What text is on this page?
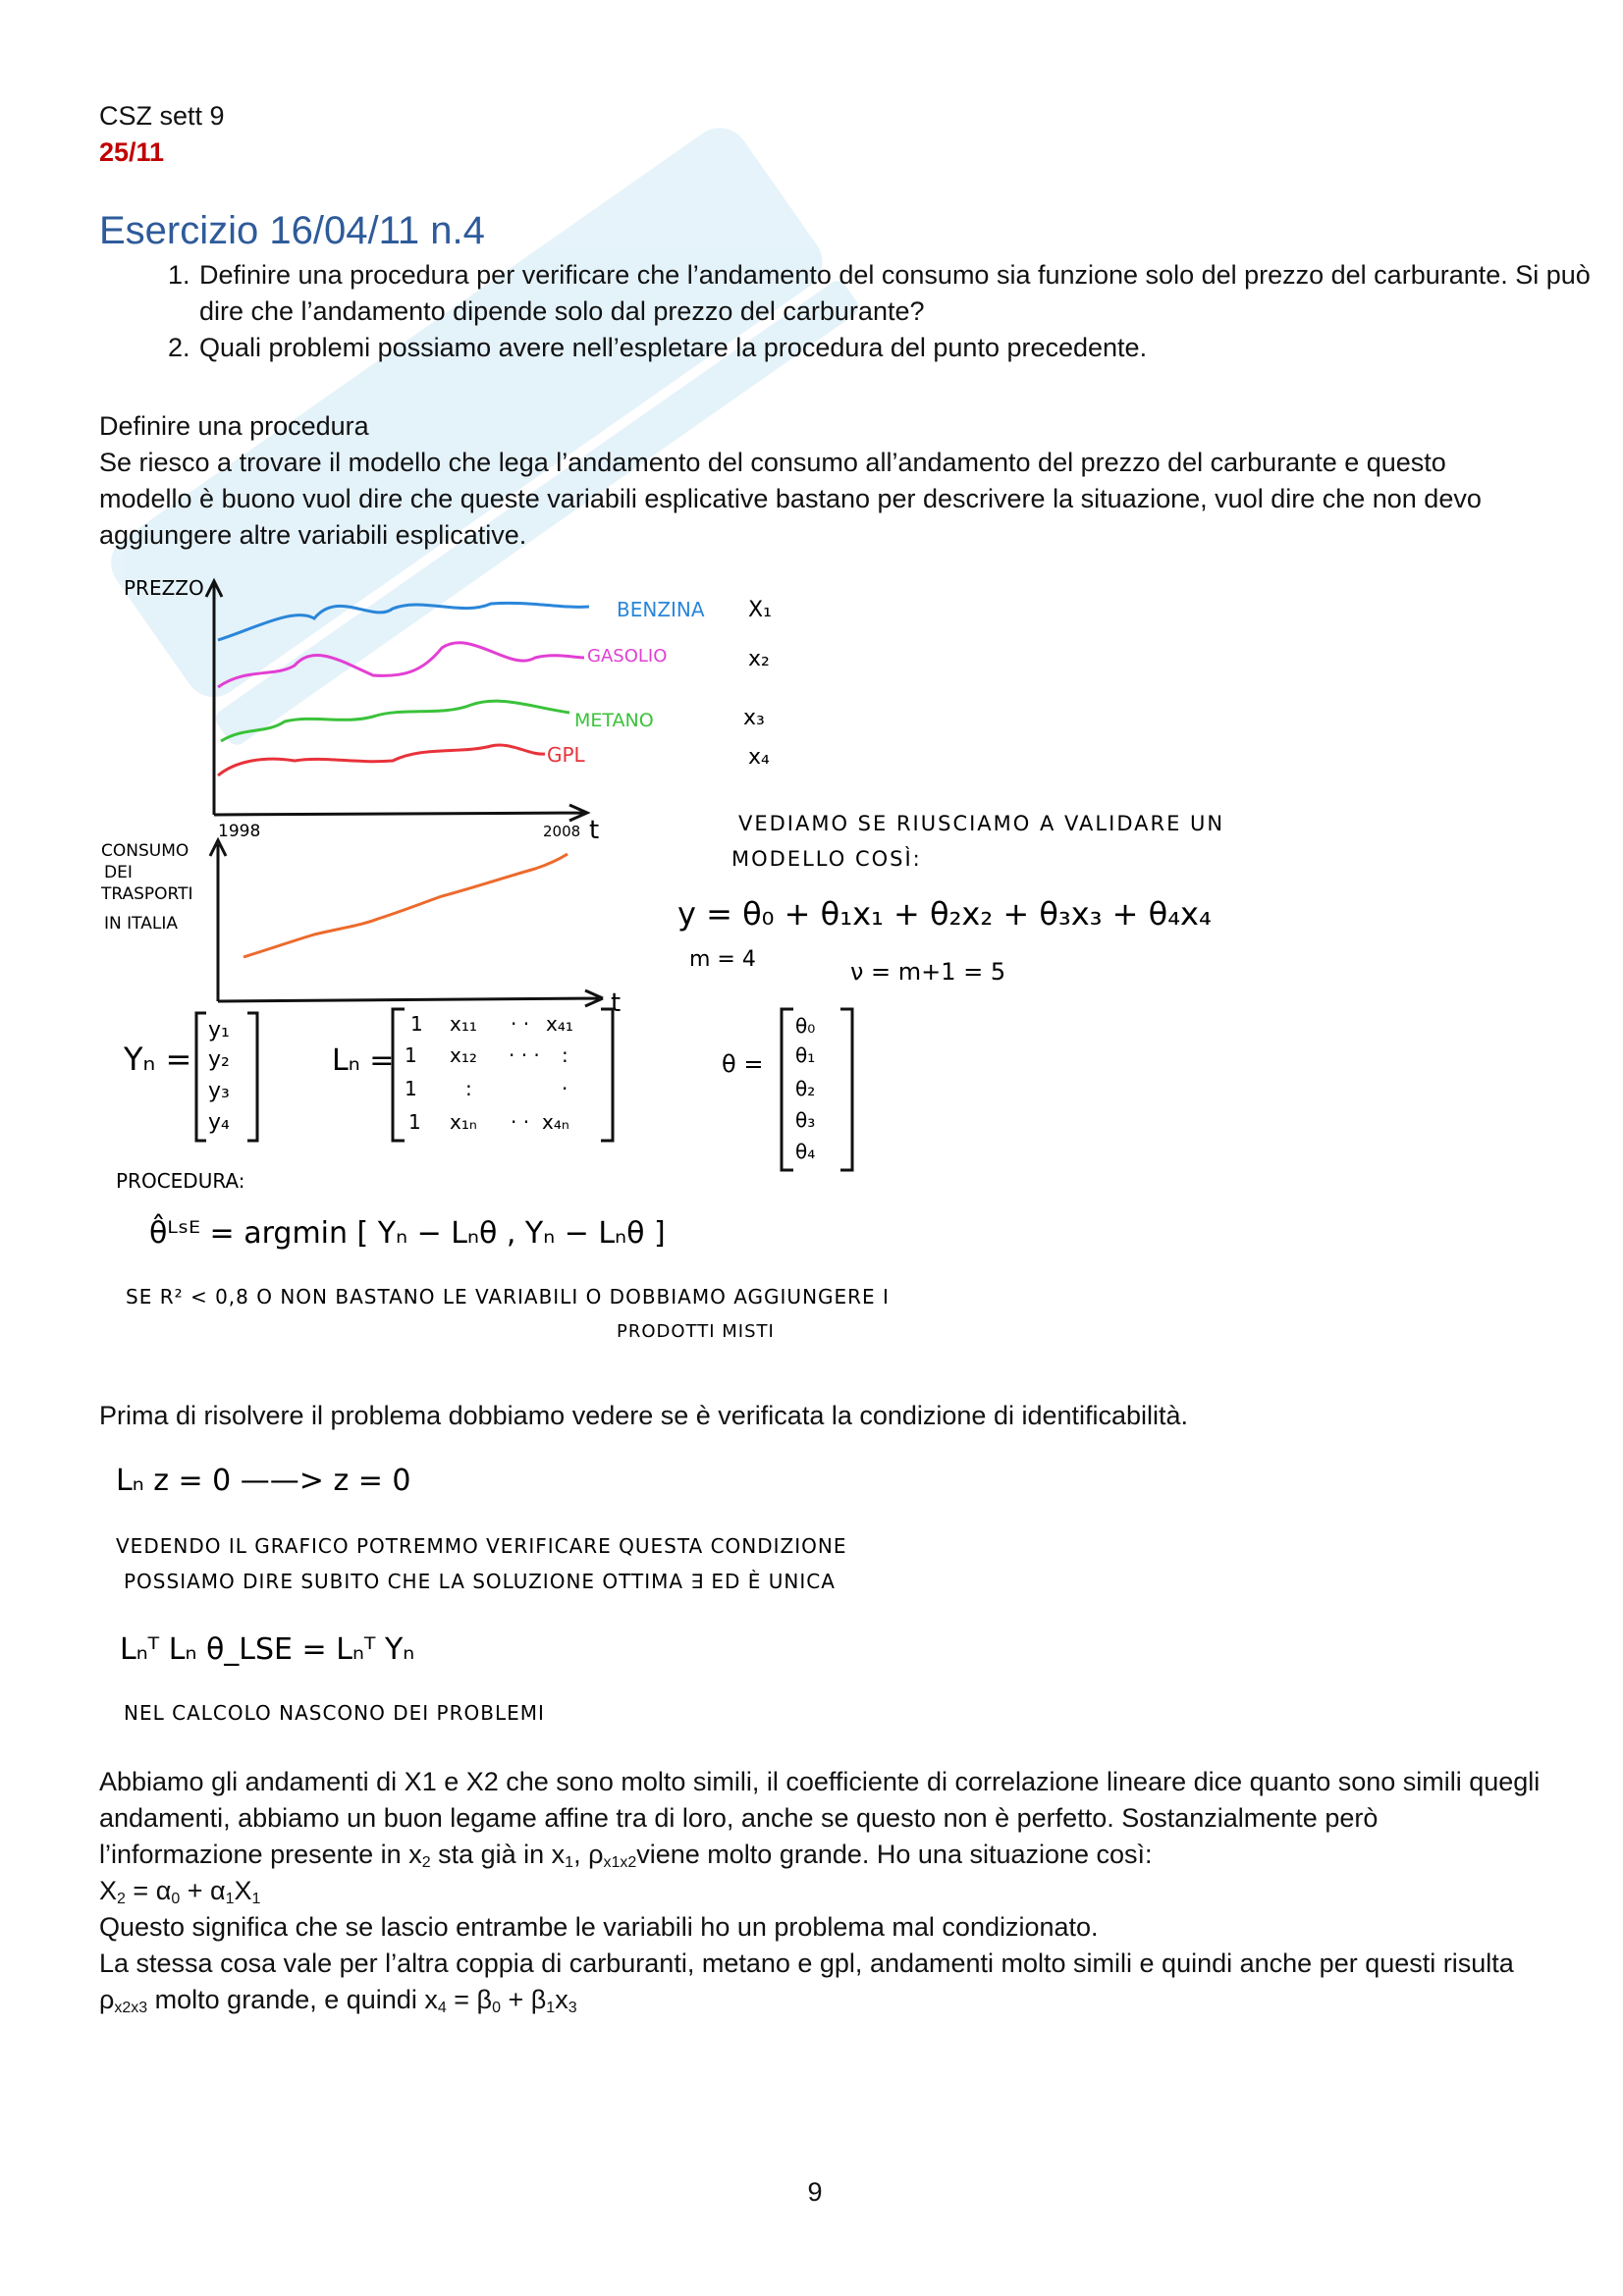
CSZ sett 9
25/11
Esercizio 16/04/11 n.4
1. Definire una procedura per verificare che l’andamento del consumo sia funzione solo del prezzo del carburante. Si può dire che l’andamento dipende solo dal prezzo del carburante?
2. Quali problemi possiamo avere nell’espletare la procedura del punto precedente.
Definire una procedura
Se riesco a trovare il modello che lega l’andamento del consumo all’andamento del prezzo del carburante e questo modello è buono vuol dire che queste variabili esplicative bastano per descrivere la situazione, vuol dire che non devo aggiungere altre variabili esplicative.
PREZZO
BENZINA
GASOLIO
METANO
GPL
X₁
x₂
x₃
x₄
1998	2008 t
t
CONSUMO
DEI
TRASPORTI
IN ITALIA
VEDIAMO SE RIUSCIAMO A VALIDARE UN
MODELLO COSÌ:
y = θ₀ + θ₁x₁ + θ₂x₂ + θ₃x₃ + θ₄x₄
m = 4	ν = m+1 = 5
Yₙ =
y₁
y₂
y₃
y₄
Lₙ =
1 x₁₁ · · x₄₁
1 x₁₂ · · · :
1 :	·
1 x₁ₙ · · x₄ₙ
θ =
θ₀
θ₁
θ₂
θ₃
θ₄
PROCEDURA:
θ̂ᴸˢᴱ = argmin [ Yₙ − Lₙθ , Yₙ − Lₙθ ]
SE R² < 0,8 O NON BASTANO LE VARIABILI O DOBBIAMO AGGIUNGERE I
PRODOTTI MISTI
Prima di risolvere il problema dobbiamo vedere se è verificata la condizione di identificabilità.
Lₙ z = 0 ——> z = 0
VEDENDO IL GRAFICO POTREMMO VERIFICARE QUESTA CONDIZIONE
POSSIAMO DIRE SUBITO CHE LA SOLUZIONE OTTIMA ∃ ED È UNICA
Lₙᵀ Lₙ θ_LSE = Lₙᵀ Yₙ
NEL CALCOLO NASCONO DEI PROBLEMI

Abbiamo gli andamenti di X1 e X2 che sono molto simili, il coefficiente di correlazione lineare dice quanto sono simili quegli andamenti, abbiamo un buon legame affine tra di loro, anche se questo non è perfetto. Sostanzialmente però l’informazione presente in $x_2$ sta già in $x_1$, $\rho_{x1x2}viene$ molto grande. Ho una situazione così:

$X_2 = \alpha_0 + \alpha_1X_1$

Questo significa che se lascio entrambe le variabili ho un problema mal condizionato.

La stessa cosa vale per l’altra coppia di carburanti, metano e gpl, andamenti molto simili e quindi anche per questi risulta $\rho_{x2x3}$ molto grande, e quindi $x_4 = \beta_0 + \beta_1x_3$

9
